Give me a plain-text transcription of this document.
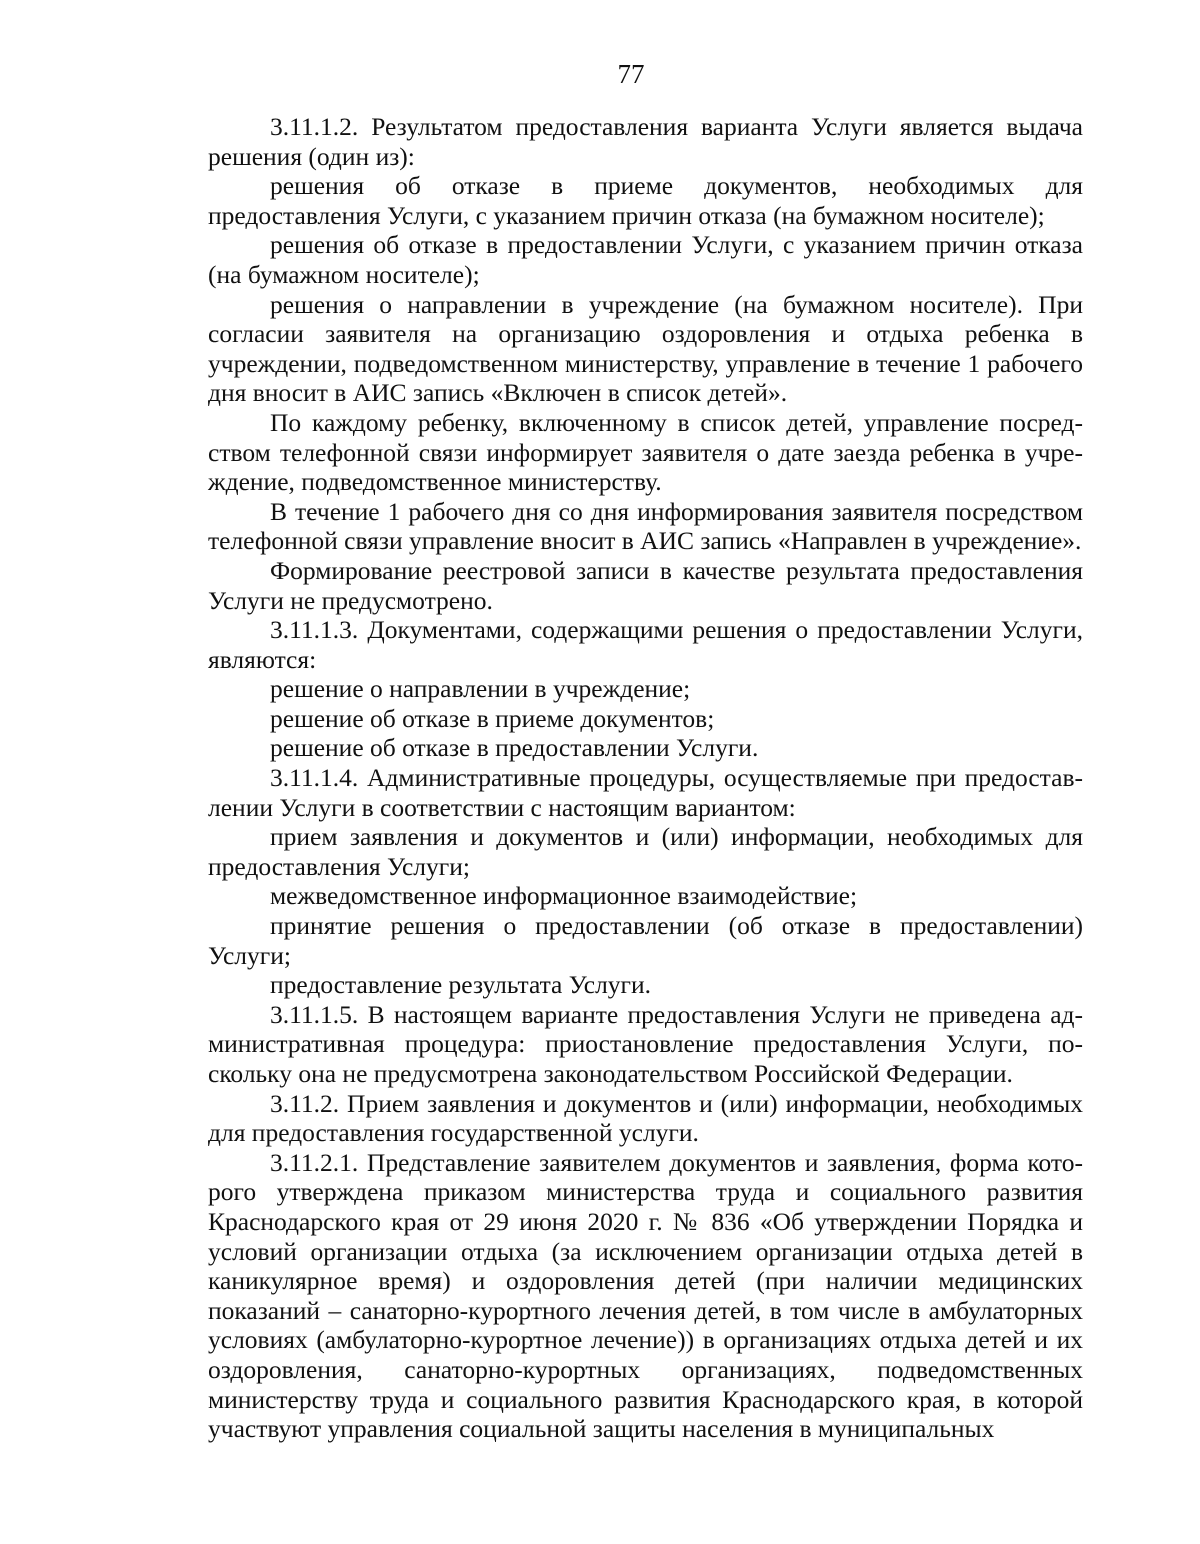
77

3.11.1.2. Результатом предоставления варианта Услуги является выдача решения (один из):

решения об отказе в приеме документов, необходимых для предоставления Услуги, с указанием причин отказа (на бумажном носителе);

решения об отказе в предоставлении Услуги, с указанием причин отказа (на бумажном носителе);

решения о направлении в учреждение (на бумажном носителе). При согласии заявителя на организацию оздоровления и отдыха ребенка в учреждении, подведомственном министерству, управление в течение 1 рабочего дня вносит в АИС запись «Включен в список детей».

По каждому ребенку, включенному в список детей, управление посредством телефонной связи информирует заявителя о дате заезда ребенка в учреждение, подведомственное министерству.

В течение 1 рабочего дня со дня информирования заявителя посредством телефонной связи управление вносит в АИС запись «Направлен в учреждение».

Формирование реестровой записи в качестве результата предоставления Услуги не предусмотрено.

3.11.1.3. Документами, содержащими решения о предоставлении Услуги, являются:

решение о направлении в учреждение;

решение об отказе в приеме документов;

решение об отказе в предоставлении Услуги.

3.11.1.4. Административные процедуры, осуществляемые при предоставлении Услуги в соответствии с настоящим вариантом:

прием заявления и документов и (или) информации, необходимых для предоставления Услуги;

межведомственное информационное взаимодействие;

принятие решения о предоставлении (об отказе в предоставлении) Услуги;

предоставление результата Услуги.

3.11.1.5. В настоящем варианте предоставления Услуги не приведена административная процедура: приостановление предоставления Услуги, поскольку она не предусмотрена законодательством Российской Федерации.

3.11.2. Прием заявления и документов и (или) информации, необходимых для предоставления государственной услуги.

3.11.2.1. Представление заявителем документов и заявления, форма которого утверждена приказом министерства труда и социального развития Краснодарского края от 29 июня 2020 г. № 836 «Об утверждении Порядка и условий организации отдыха (за исключением организации отдыха детей в каникулярное время) и оздоровления детей (при наличии медицинских показаний – санаторно-курортного лечения детей, в том числе в амбулаторных условиях (амбулаторно-курортное лечение)) в организациях отдыха детей и их оздоровления, санаторно-курортных организациях, подведомственных министерству труда и социального развития Краснодарского края, в которой участвуют управления социальной защиты населения в муниципальных
